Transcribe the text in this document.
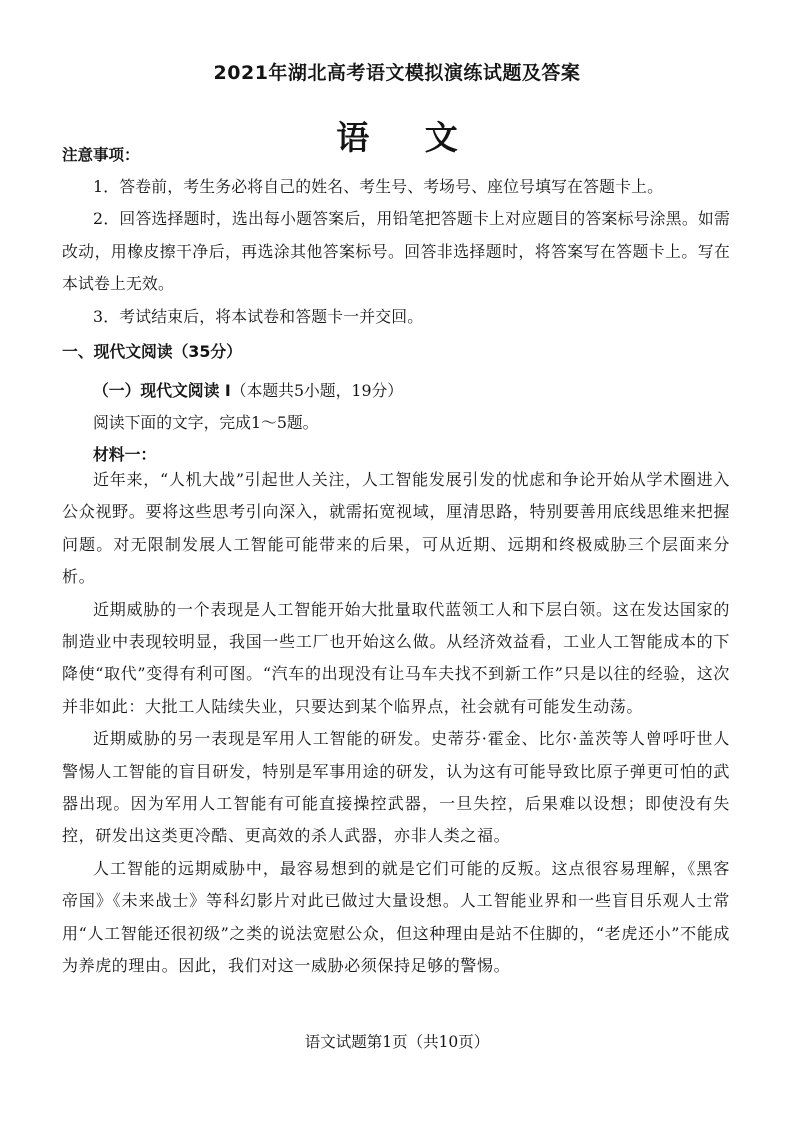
2021年湖北高考语文模拟演练试题及答案
语 文
注意事项：

1．答卷前，考生务必将自己的姓名、考生号、考场号、座位号填写在答题卡上。

2．回答选择题时，选出每小题答案后，用铅笔把答题卡上对应题目的答案标号涂黑。如需改动，用橡皮擦干净后，再选涂其他答案标号。回答非选择题时，将答案写在答题卡上。写在本试卷上无效。

3．考试结束后，将本试卷和答题卡一并交回。

一、现代文阅读（35分）
（一）现代文阅读 I（本题共5小题，19分）
阅读下面的文字，完成1～5题。
材料一：

近年来，“人机大战”引起世人关注，人工智能发展引发的忧虑和争论开始从学术圈进入公众视野。要将这些思考引向深入，就需拓宽视域，厘清思路，特别要善用底线思维来把握问题。对无限制发展人工智能可能带来的后果，可从近期、远期和终极威胁三个层面来分析。

近期威胁的一个表现是人工智能开始大批量取代蓝领工人和下层白领。这在发达国家的制造业中表现较明显，我国一些工厂也开始这么做。从经济效益看，工业人工智能成本的下降使“取代”变得有利可图。“汽车的出现没有让马车夫找不到新工作”只是以往的经验，这次并非如此：大批工人陆续失业，只要达到某个临界点，社会就有可能发生动荡。

近期威胁的另一表现是军用人工智能的研发。史蒂芬·霍金、比尔·盖茨等人曾呼吁世人警惕人工智能的盲目研发，特别是军事用途的研发，认为这有可能导致比原子弹更可怕的武器出现。因为军用人工智能有可能直接操控武器，一旦失控，后果难以设想；即使没有失控，研发出这类更冷酷、更高效的杀人武器，亦非人类之福。

人工智能的远期威胁中，最容易想到的就是它们可能的反叛。这点很容易理解，《黑客帝国》《未来战士》等科幻影片对此已做过大量设想。人工智能业界和一些盲目乐观人士常用“人工智能还很初级”之类的说法宽慰公众，但这种理由是站不住脚的，“老虎还小”不能成为养虎的理由。因此，我们对这一威胁必须保持足够的警惕。

语文试题第1页（共10页）
